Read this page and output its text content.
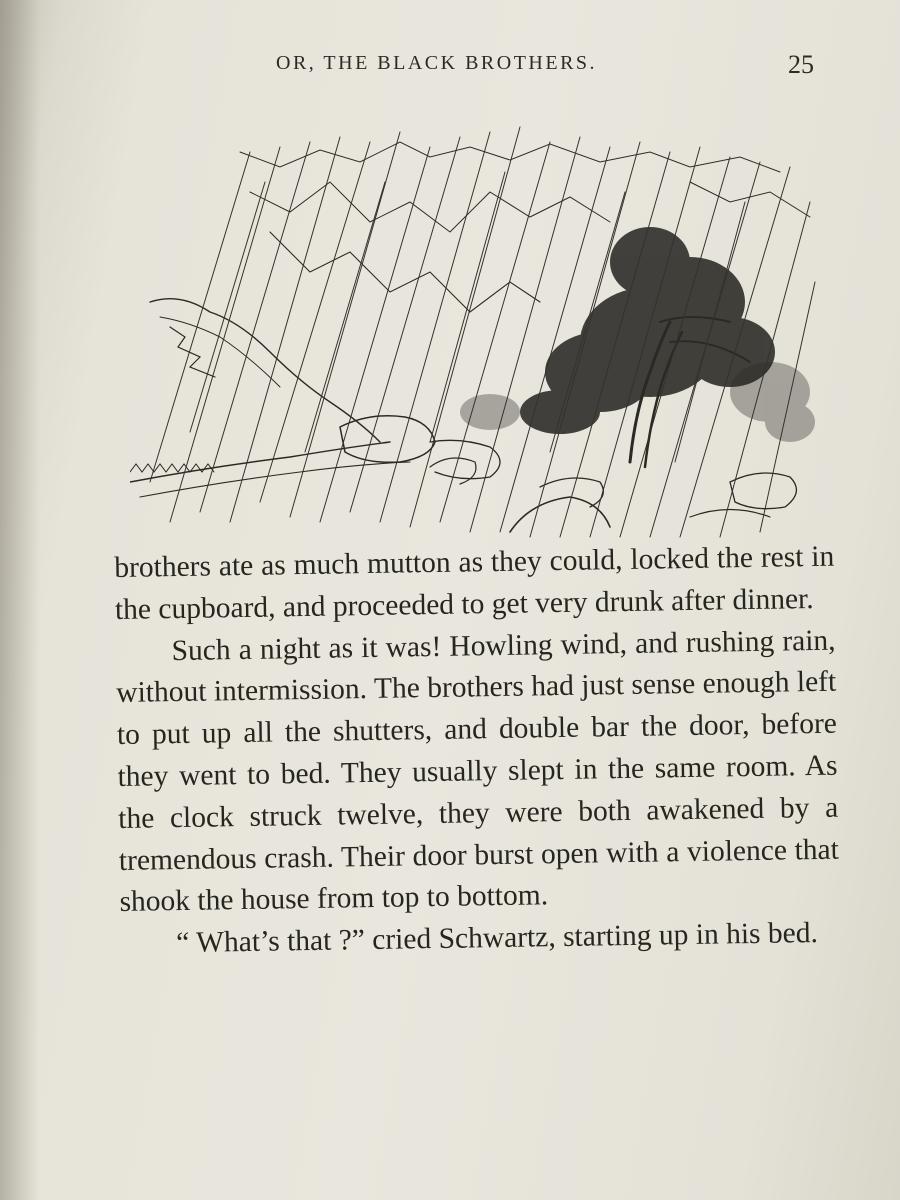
OR, THE BLACK BROTHERS.	25

brothers ate as much mutton as they could, locked the rest in the cupboard, and proceeded to get very drunk after dinner.

Such a night as it was! Howling wind, and rushing rain, without intermission. The brothers had just sense enough left to put up all the shutters, and double bar the door, before they went to bed. They usually slept in the same room. As the clock struck twelve, they were both awakened by a tremendous crash. Their door burst open with a violence that shook the house from top to bottom.

“ What’s that ?” cried Schwartz, starting up in his bed.
